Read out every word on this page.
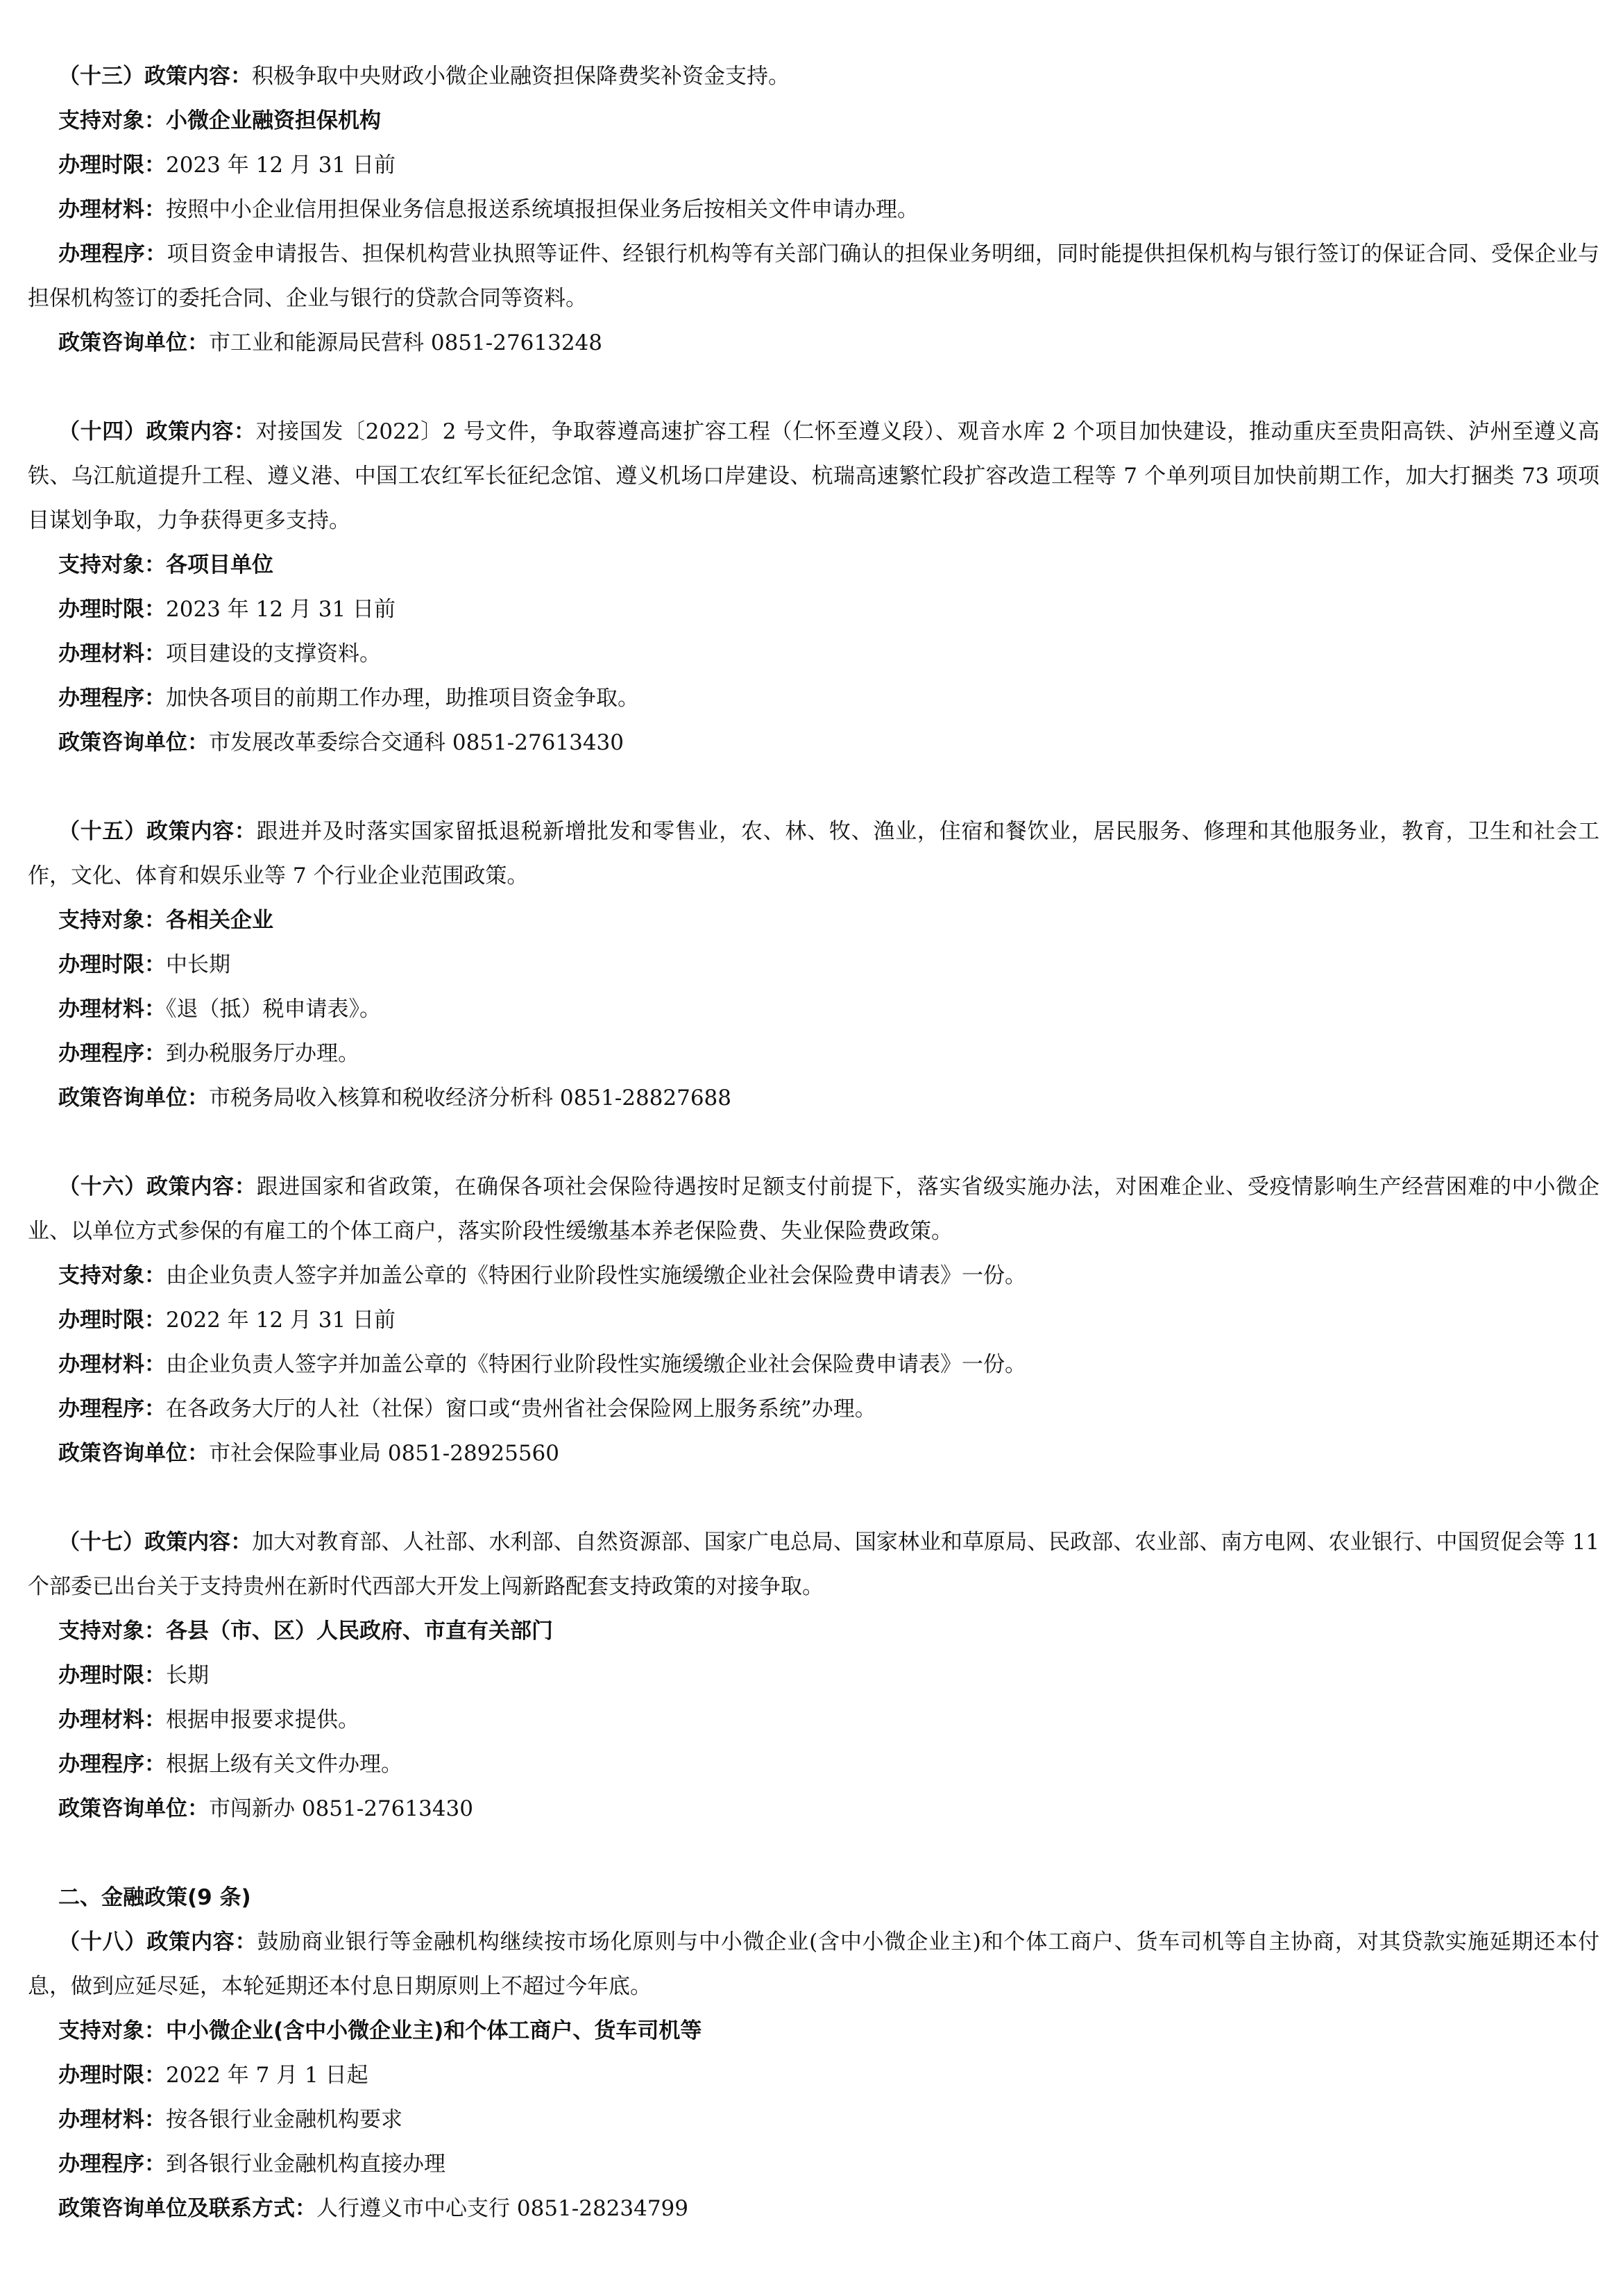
（十三）政策内容：积极争取中央财政小微企业融资担保降费奖补资金支持。

支持对象：小微企业融资担保机构

办理时限：2023 年 12 月 31 日前

办理材料：按照中小企业信用担保业务信息报送系统填报担保业务后按相关文件申请办理。

办理程序：项目资金申请报告、担保机构营业执照等证件、经银行机构等有关部门确认的担保业务明细，同时能提供担保机构与银行签订的保证合同、受保企业与担保机构签订的委托合同、企业与银行的贷款合同等资料。

政策咨询单位：市工业和能源局民营科 0851-27613248

（十四）政策内容：对接国发〔2022〕2 号文件，争取蓉遵高速扩容工程（仁怀至遵义段）、观音水库 2 个项目加快建设，推动重庆至贵阳高铁、泸州至遵义高铁、乌江航道提升工程、遵义港、中国工农红军长征纪念馆、遵义机场口岸建设、杭瑞高速繁忙段扩容改造工程等 7 个单列项目加快前期工作，加大打捆类 73 项项目谋划争取，力争获得更多支持。

支持对象：各项目单位

办理时限：2023 年 12 月 31 日前

办理材料：项目建设的支撑资料。

办理程序：加快各项目的前期工作办理，助推项目资金争取。

政策咨询单位：市发展改革委综合交通科 0851-27613430

（十五）政策内容：跟进并及时落实国家留抵退税新增批发和零售业，农、林、牧、渔业，住宿和餐饮业，居民服务、修理和其他服务业，教育，卫生和社会工作，文化、体育和娱乐业等 7 个行业企业范围政策。

支持对象：各相关企业

办理时限：中长期

办理材料：《退（抵）税申请表》。

办理程序：到办税服务厅办理。

政策咨询单位：市税务局收入核算和税收经济分析科 0851-28827688

（十六）政策内容：跟进国家和省政策，在确保各项社会保险待遇按时足额支付前提下，落实省级实施办法，对困难企业、受疫情影响生产经营困难的中小微企业、以单位方式参保的有雇工的个体工商户，落实阶段性缓缴基本养老保险费、失业保险费政策。

支持对象：由企业负责人签字并加盖公章的《特困行业阶段性实施缓缴企业社会保险费申请表》一份。

办理时限：2022 年 12 月 31 日前

办理材料：由企业负责人签字并加盖公章的《特困行业阶段性实施缓缴企业社会保险费申请表》一份。

办理程序：在各政务大厅的人社（社保）窗口或“贵州省社会保险网上服务系统”办理。

政策咨询单位：市社会保险事业局 0851-28925560

（十七）政策内容：加大对教育部、人社部、水利部、自然资源部、国家广电总局、国家林业和草原局、民政部、农业部、南方电网、农业银行、中国贸促会等 11 个部委已出台关于支持贵州在新时代西部大开发上闯新路配套支持政策的对接争取。

支持对象：各县（市、区）人民政府、市直有关部门

办理时限：长期

办理材料：根据申报要求提供。

办理程序：根据上级有关文件办理。

政策咨询单位：市闯新办 0851-27613430

二、金融政策(9 条)

（十八）政策内容：鼓励商业银行等金融机构继续按市场化原则与中小微企业(含中小微企业主)和个体工商户、货车司机等自主协商，对其贷款实施延期还本付息，做到应延尽延，本轮延期还本付息日期原则上不超过今年底。

支持对象：中小微企业(含中小微企业主)和个体工商户、货车司机等

办理时限：2022 年 7 月 1 日起

办理材料：按各银行业金融机构要求

办理程序：到各银行业金融机构直接办理

政策咨询单位及联系方式：人行遵义市中心支行 0851-28234799
